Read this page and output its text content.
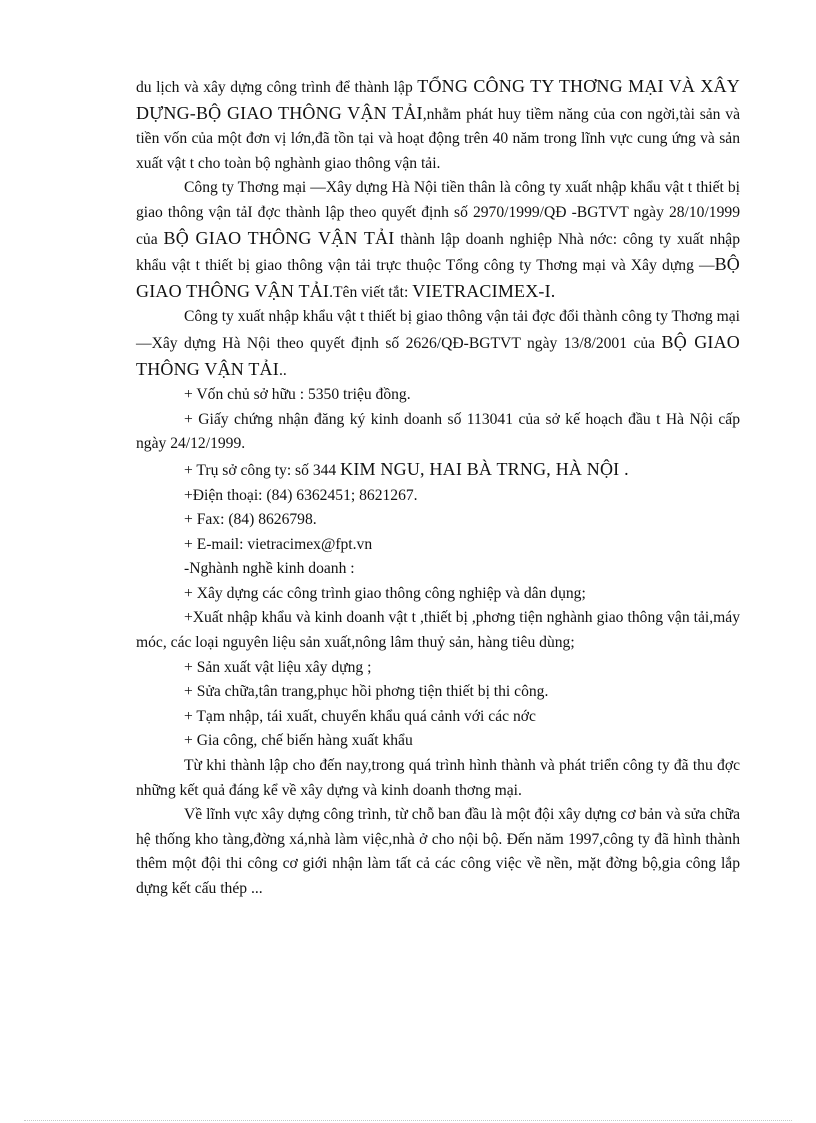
du lịch và xây dựng công trình để thành lập TỔNG CÔNG TY THƠNG MẠI VÀ XÂY DỰNG-BỘ GIAO THÔNG VẬN TẢI,nhằm phát huy tiềm năng của con ngời,tài sản và tiền vốn của một đơn vị lớn,đã tồn tại và hoạt động trên 40 năm trong lĩnh vực cung ứng và sản xuất vật t cho toàn bộ nghành giao thông vận tải.

Công ty Thơng mại —Xây dựng Hà Nội tiền thân là công ty xuất nhập khẩu vật t thiết bị giao thông vận tảI đợc thành lập theo quyết định số 2970/1999/QĐ -BGTVT ngày 28/10/1999 của BỘ GIAO THÔNG VẬN TẢI thành lập doanh nghiệp Nhà nớc: công ty xuất nhập khẩu vật t thiết bị giao thông vận tải trực thuộc Tổng công ty Thơng mại và Xây dựng —BỘ GIAO THÔNG VẬN TẢI.Tên viết tắt: VIETRACIMEX-I.

Công ty xuất nhập khẩu vật t thiết bị giao thông vận tải đợc đổi thành công ty Thơng mại —Xây dựng Hà Nội theo quyết định số 2626/QĐ-BGTVT ngày 13/8/2001 của BỘ GIAO THÔNG VẬN TẢI..

+ Vốn chủ sở hữu : 5350 triệu đồng.

+ Giấy chứng nhận đăng ký kinh doanh số 113041 của sở kế hoạch đầu t Hà Nội cấp ngày 24/12/1999.

+ Trụ sở công ty: số 344 KIM NGU, HAI BÀ TRNG, HÀ NỘI .

+Điện thoại: (84) 6362451; 8621267.

+ Fax: (84) 8626798.

+ E-mail: vietracimex@fpt.vn

-Nghành nghề kinh doanh :

+ Xây dựng các công trình giao thông công nghiệp và dân dụng;

+Xuất nhập khẩu và kinh doanh vật t ,thiết bị ,phơng tiện nghành giao thông vận tải,máy móc, các loại nguyên liệu sản xuất,nông lâm thuỷ sản, hàng tiêu dùng;

+ Sản xuất vật liệu xây dựng ;

+ Sửa chữa,tân trang,phục hồi phơng tiện thiết bị thi công.

+ Tạm nhập, tái xuất, chuyển khẩu quá cảnh với các nớc

+ Gia công, chế biến hàng xuất khẩu

Từ khi thành lập cho đến nay,trong quá trình hình thành và phát triển công ty đã thu đợc những kết quả đáng kể về xây dựng và kinh doanh thơng mại.

Về lĩnh vực xây dựng công trình, từ chỗ ban đầu là một đội xây dựng cơ bản và sửa chữa hệ thống kho tàng,đờng xá,nhà làm việc,nhà ở cho nội bộ. Đến năm 1997,công ty đã hình thành thêm một đội thi công cơ giới nhận làm tất cả các công việc về nền, mặt đờng bộ,gia công lắp dựng kết cấu thép ...
